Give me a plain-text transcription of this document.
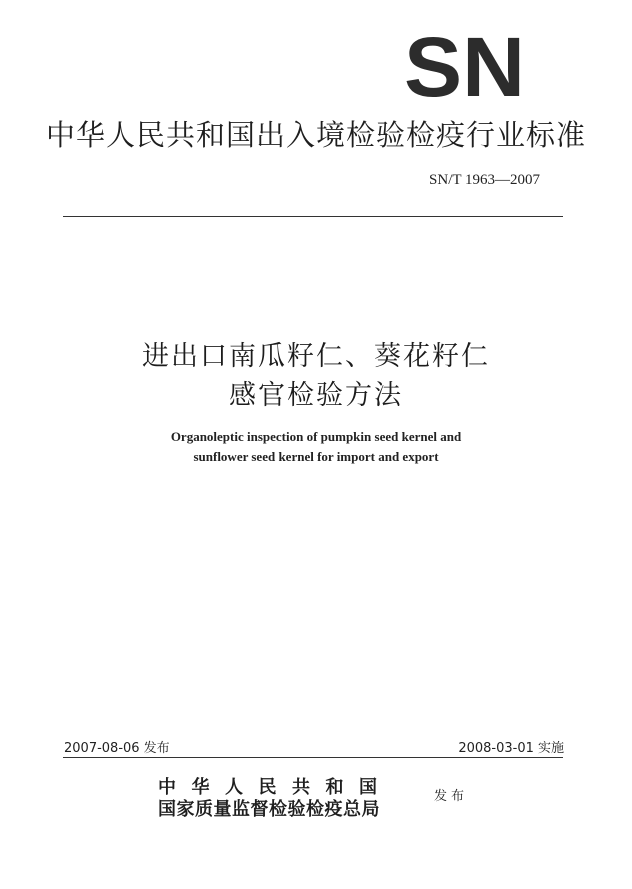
SN
中华人民共和国出入境检验检疫行业标准
SN/T 1963—2007
进出口南瓜籽仁、葵花籽仁
感官检验方法
Organoleptic inspection of pumpkin seed kernel and
sunflower seed kernel for import and export
2007-08-06 发布	2008-03-01 实施
中华人民共和国
国家质量监督检验检疫总局
发布
